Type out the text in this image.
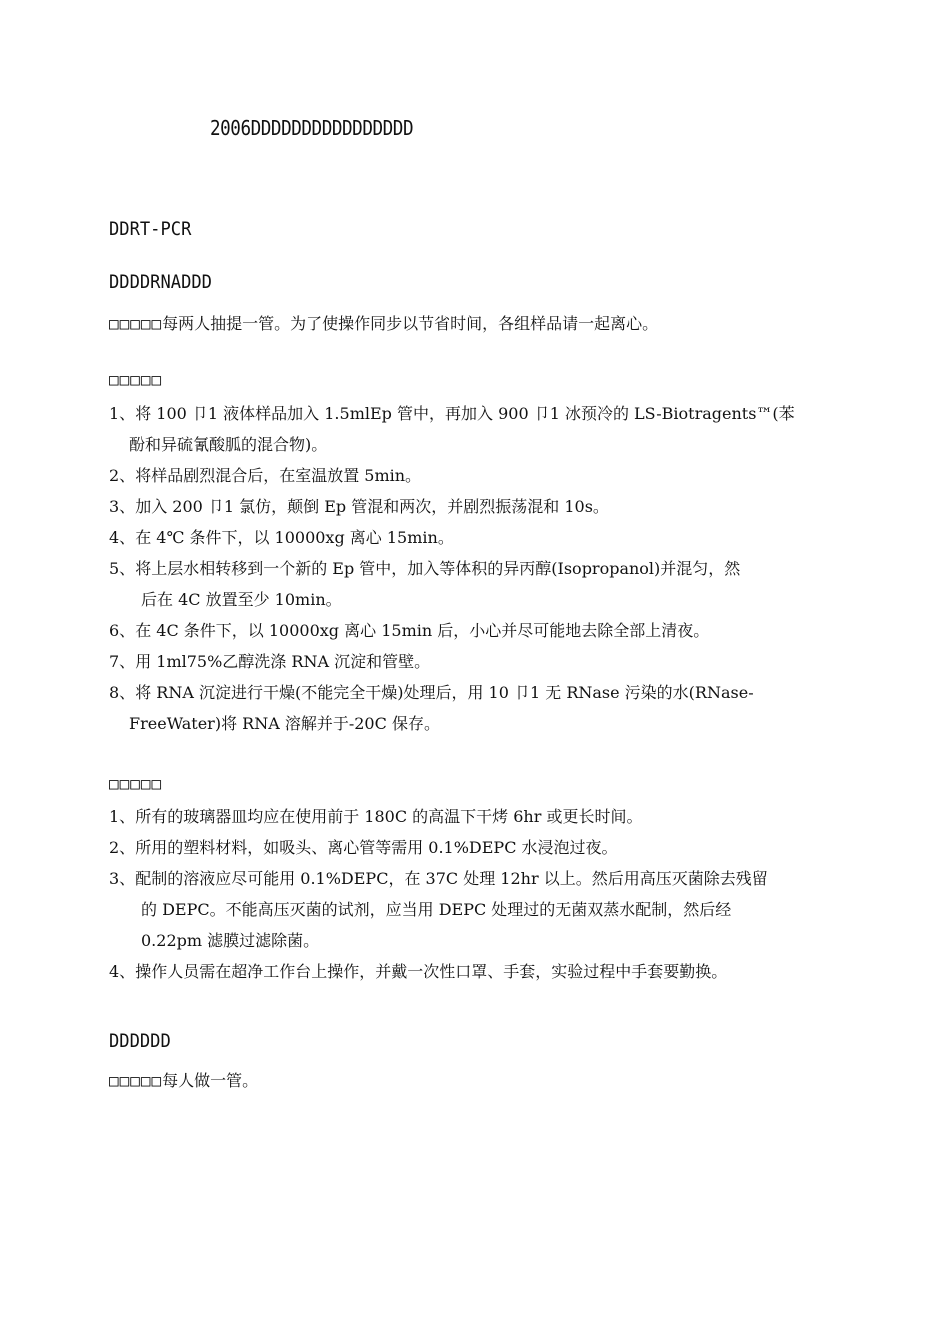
2006DDDDDDDDDDDDDDDD
DDRT-PCR
DDDDRNADDD
□□□□□每两人抽提一管。为了使操作同步以节省时间，各组样品请一起离心。
□□□□□
1、将 100 卩1 液体样品加入 1.5mlEp 管中，再加入 900 卩1 冰预冷的 LS-Biotragents™(苯
酚和异硫氰酸胍的混合物)。
2、将样品剧烈混合后，在室温放置 5min。
3、加入 200 卩1 氯仿，颠倒 Ep 管混和两次，并剧烈振荡混和 10s。
4、在 4℃ 条件下，以 10000xg 离心 15min。
5、将上层水相转移到一个新的 Ep 管中，加入等体积的异丙醇(Isopropanol)并混匀，然
后在 4C 放置至少 10min。
6、在 4C 条件下，以 10000xg 离心 15min 后，小心并尽可能地去除全部上清夜。
7、用 1ml75%乙醇洗涤 RNA 沉淀和管壁。
8、将 RNA 沉淀进行干燥(不能完全干燥)处理后，用 10 卩1 无 RNase 污染的水(RNase-
FreeWater)将 RNA 溶解并于-20C 保存。
□□□□□
1、所有的玻璃器皿均应在使用前于 180C 的高温下干烤 6hr 或更长时间。
2、所用的塑料材料，如吸头、离心管等需用 0.1%DEPC 水浸泡过夜。
3、配制的溶液应尽可能用 0.1%DEPC，在 37C 处理 12hr 以上。然后用高压灭菌除去残留
的 DEPC。不能高压灭菌的试剂，应当用 DEPC 处理过的无菌双蒸水配制，然后经
0.22pm 滤膜过滤除菌。
4、操作人员需在超净工作台上操作，并戴一次性口罩、手套，实验过程中手套要勤换。
DDDDDD
□□□□□每人做一管。
